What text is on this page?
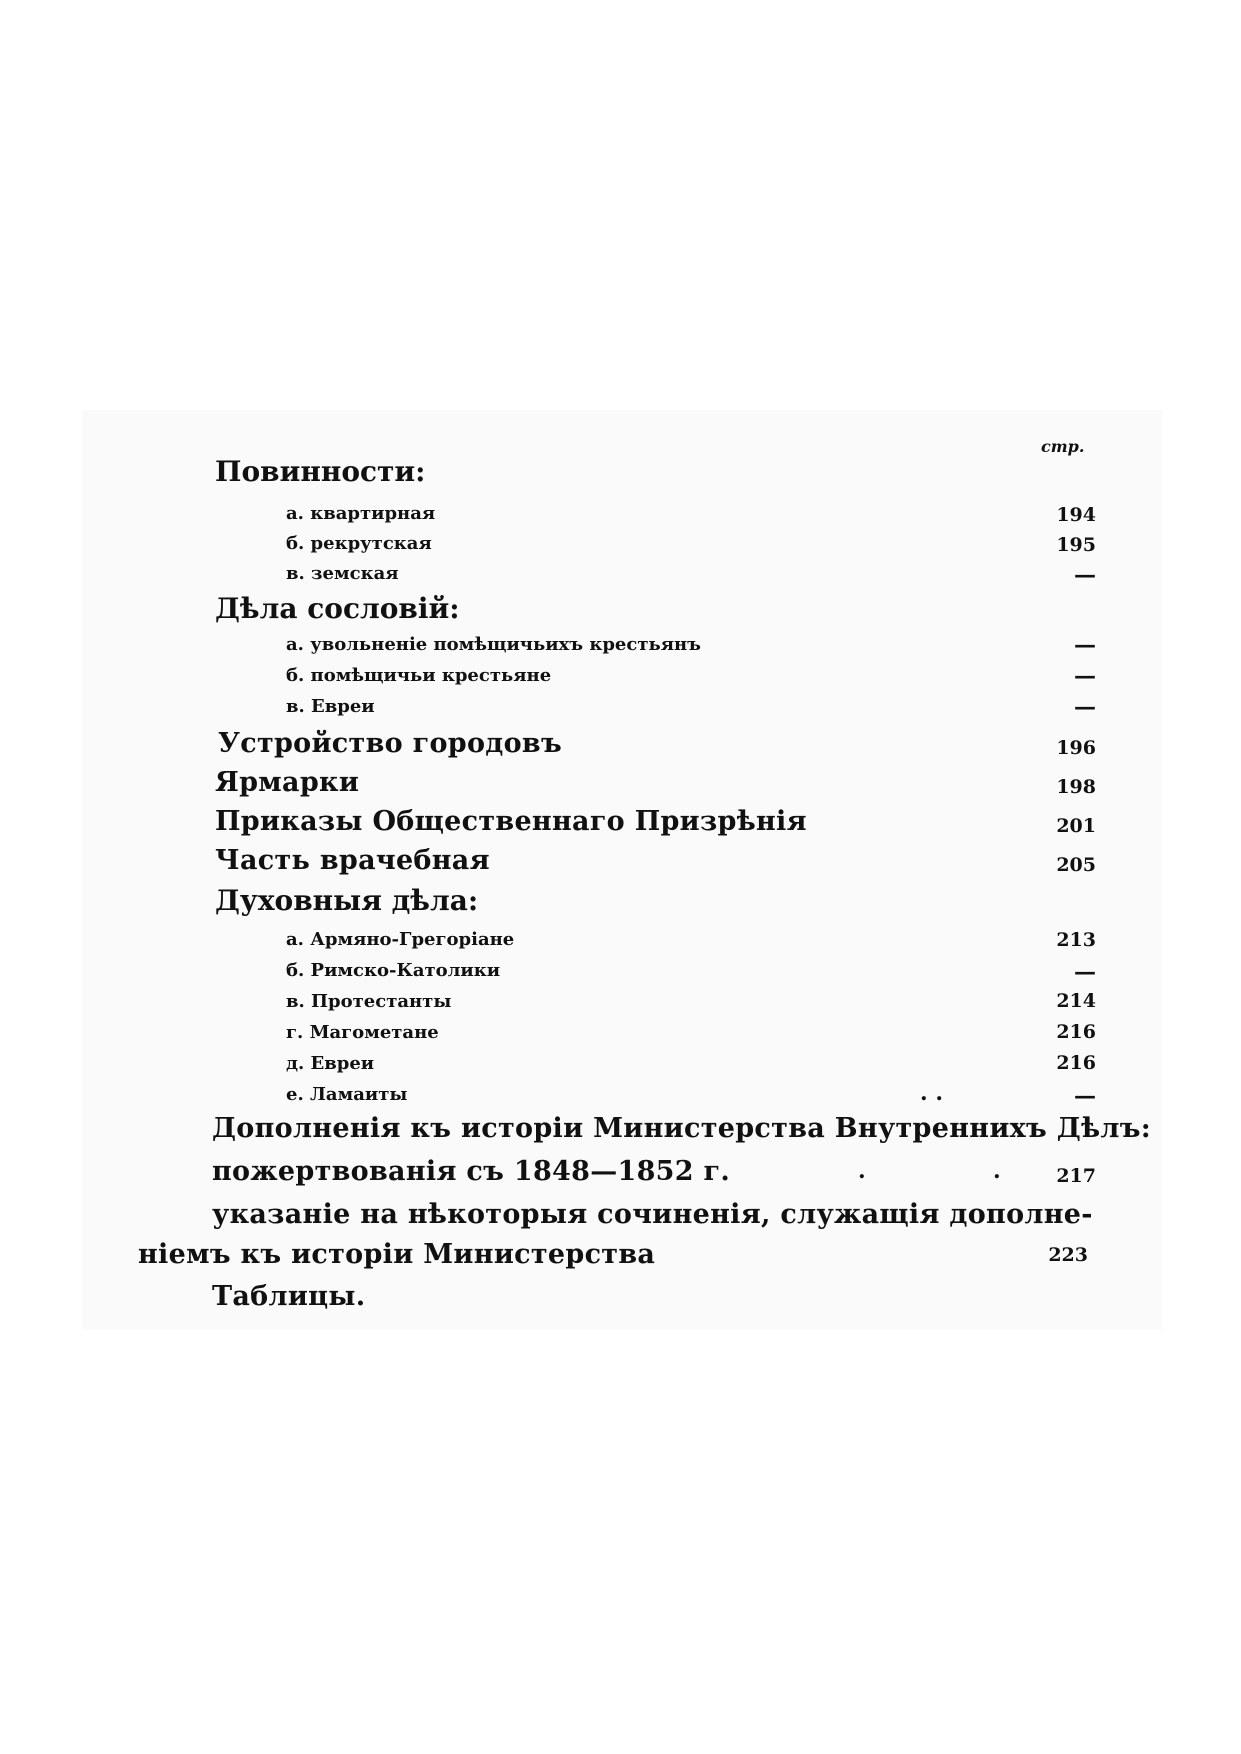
стр.
Повинности:
а. квартирная	194
б. рекрутская	195
в. земская	—
Дѣла сословій:
а. увольненіе помѣщичьихъ крестьянъ	—
б. помѣщичьи крестьяне	—
в. Евреи	—
Устройство городовъ	196
Ярмарки	198
Приказы Общественнаго Призрѣнія	201
Часть врачебная	205
Духовныя дѣла:
а. Армяно-Грегоріане	213
б. Римско-Католики	—
в. Протестанты	214
г. Магометане	216
д. Евреи	216
е. Ламаиты	. .	—
Дополненія къ исторіи Министерства Внутреннихъ Дѣлъ:
пожертвованія съ 1848—1852 г.	.	.	217
указаніе на нѣкоторыя сочиненія, служащія дополне-
ніемъ къ исторіи Министерства	223
Таблицы.
